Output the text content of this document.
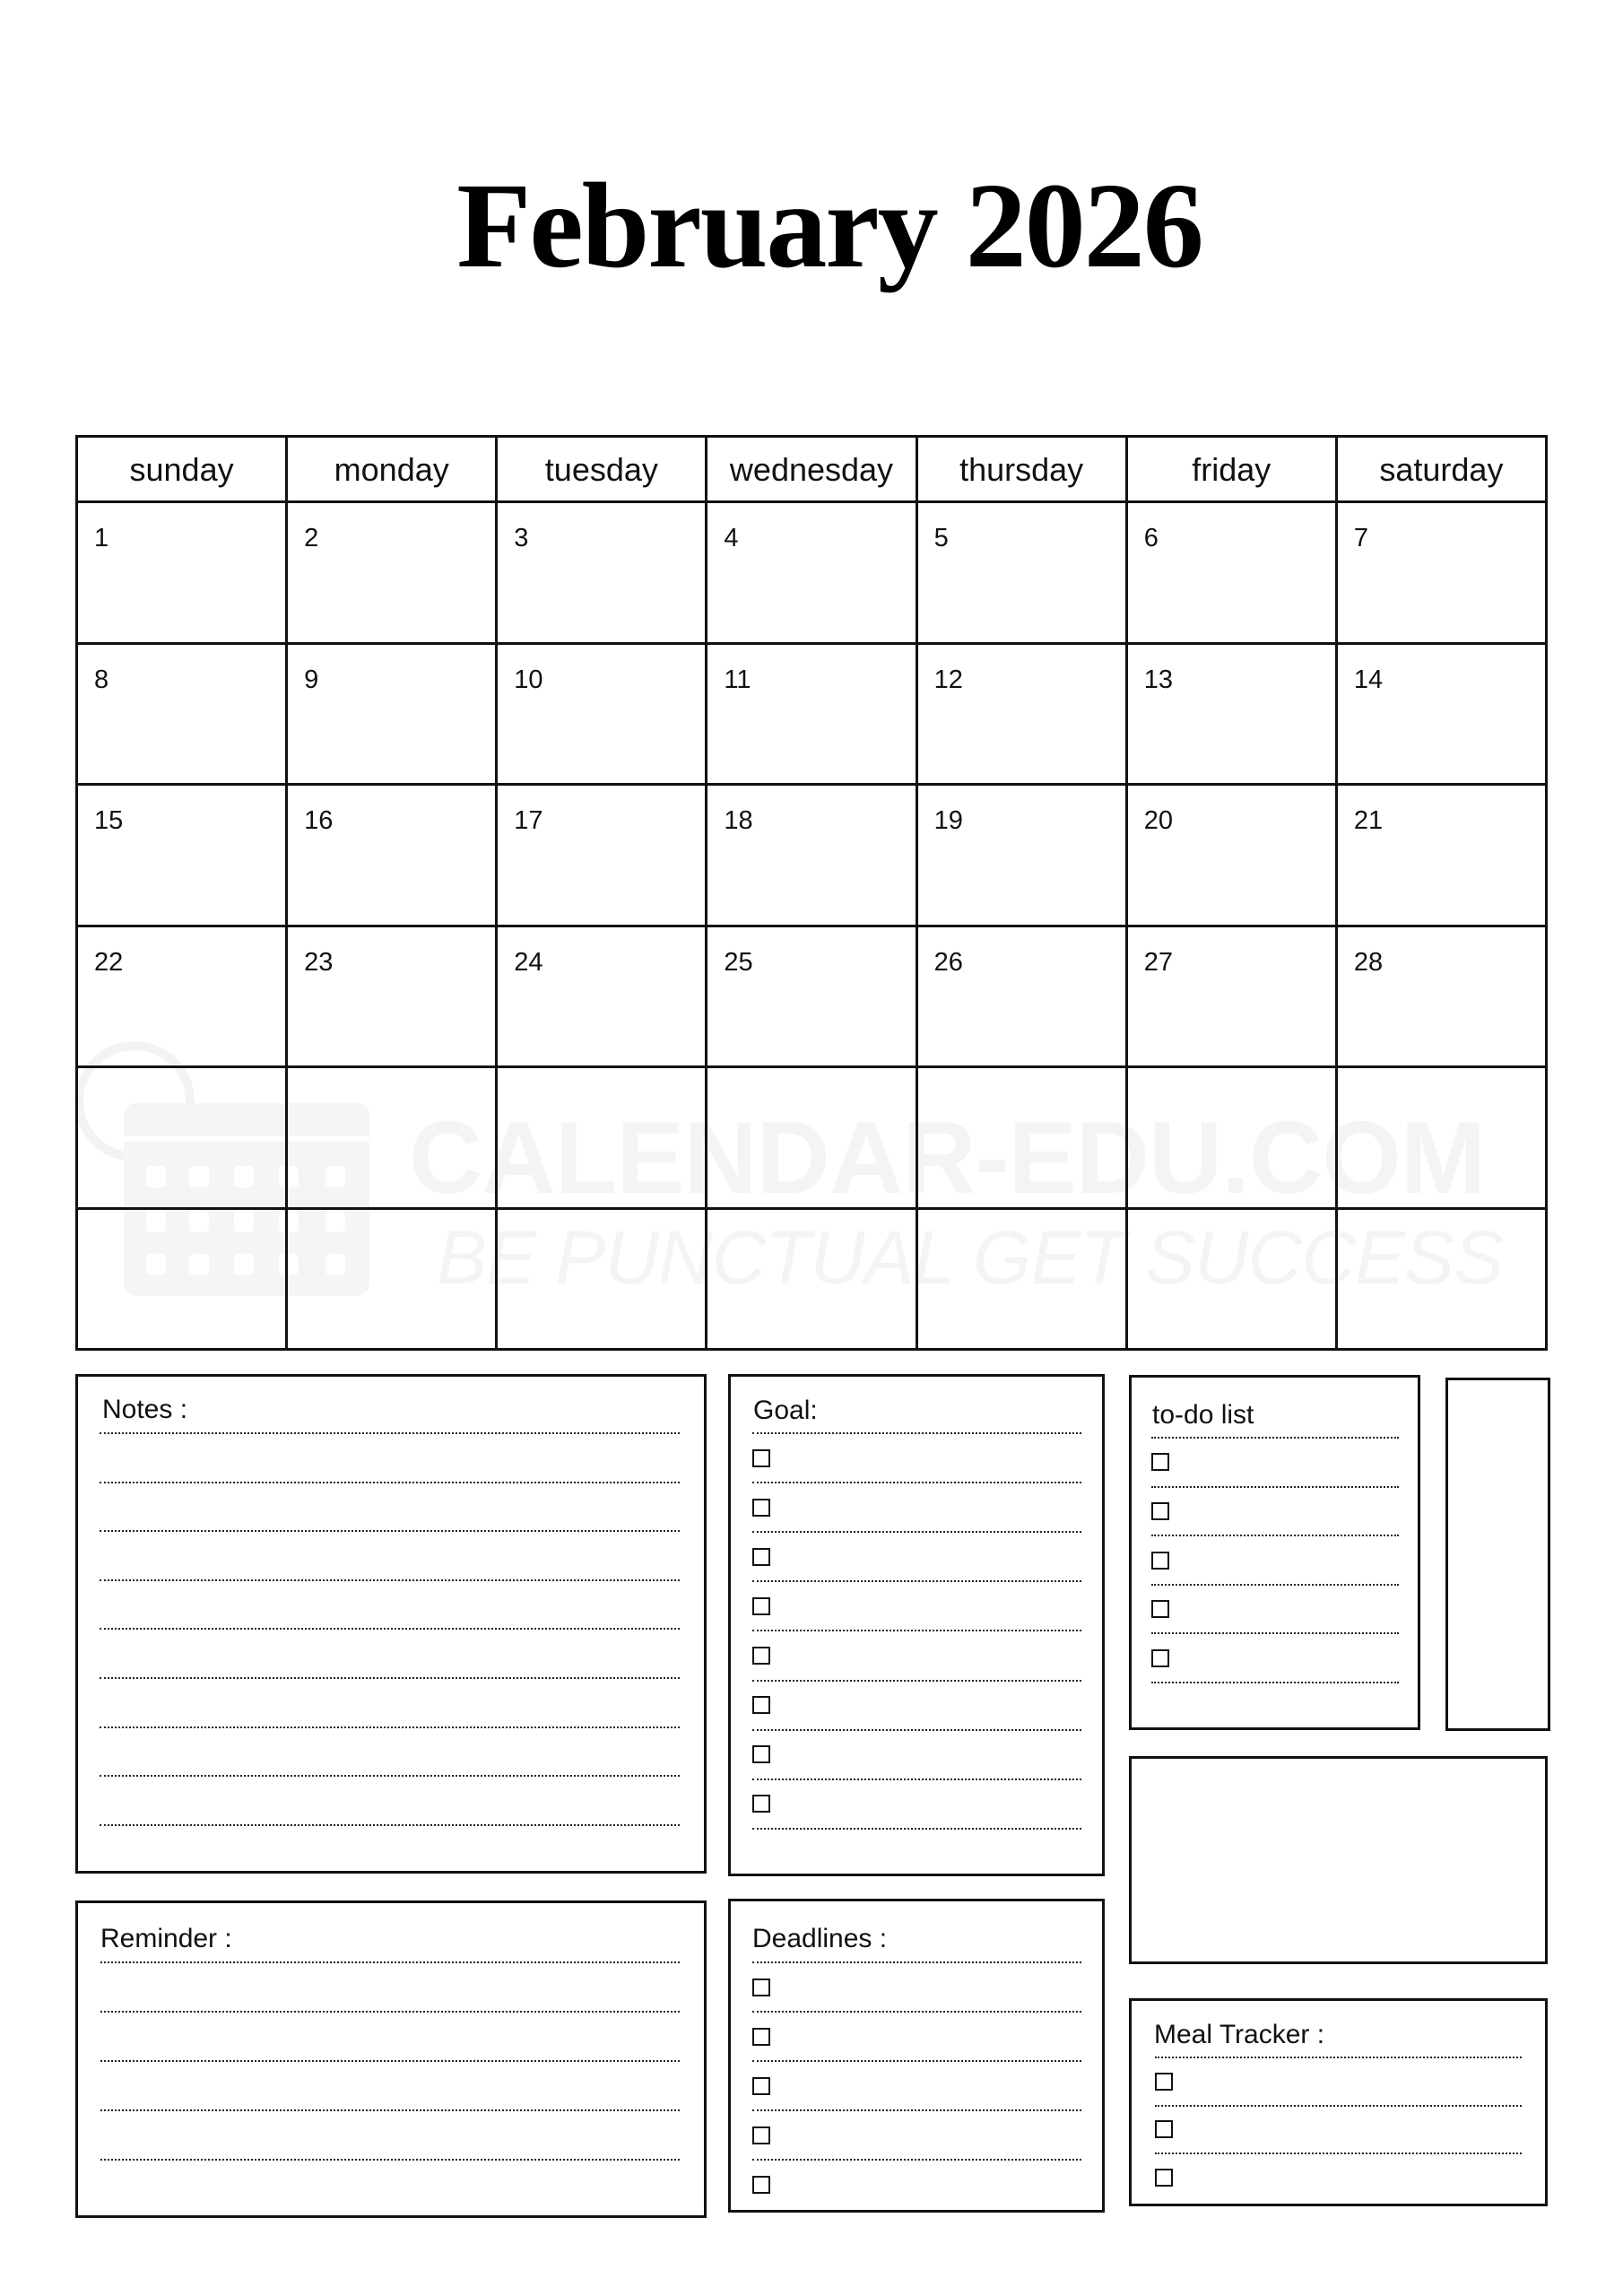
February 2026
CALENDAR-EDU.COM
BE PUNCTUAL GET SUCCESS
sunday	monday	tuesday	wednesday	thursday	friday	saturday
1	2	3	4	5	6	7
8	9	10	11	12	13	14
15	16	17	18	19	20	21
22	23	24	25	26	27	28
Notes :	Goal:	to-do list
Reminder :	Deadlines :
Meal Tracker :
